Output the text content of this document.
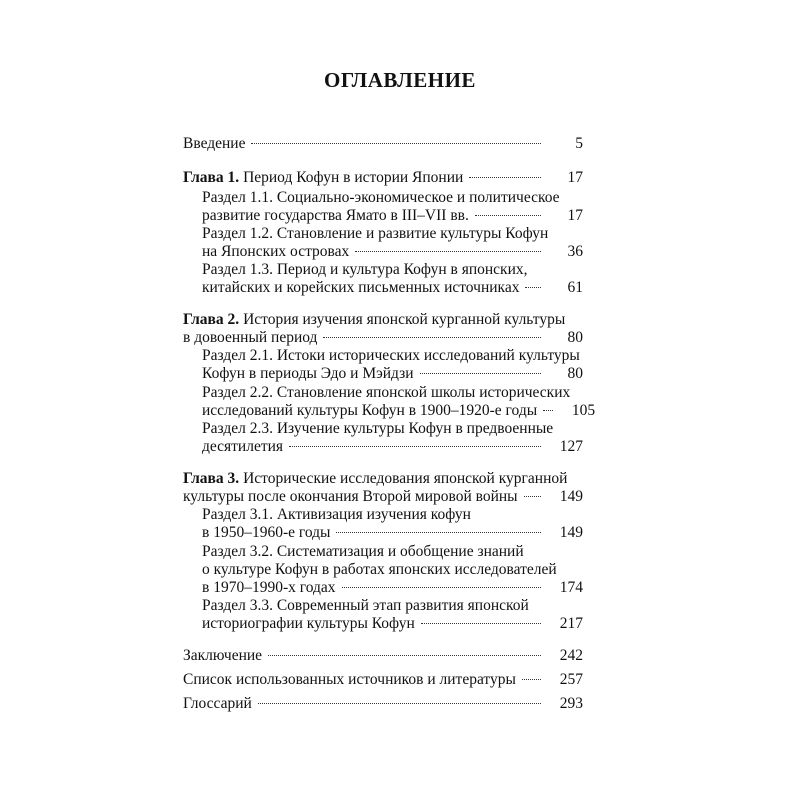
ОГЛАВЛЕНИЕ
Введение	5
Глава 1. Период Кофун в истории Японии	17
Раздел 1.1. Социально-экономическое и политическое
развитие государства Ямато в III–VII вв.	17
Раздел 1.2. Становление и развитие культуры Кофун
на Японских островах	36
Раздел 1.3. Период и культура Кофун в японских,
китайских и корейских письменных источниках	61
Глава 2. История изучения японской курганной культуры
в довоенный период	80
Раздел 2.1. Истоки исторических исследований культуры
Кофун в периоды Эдо и Мэйдзи	80
Раздел 2.2. Становление японской школы исторических
исследований культуры Кофун в 1900–1920-е годы	105
Раздел 2.3. Изучение культуры Кофун в предвоенные
десятилетия	127
Глава 3. Исторические исследования японской курганной
культуры после окончания Второй мировой войны	149
Раздел 3.1. Активизация изучения кофун
в 1950–1960-е годы	149
Раздел 3.2. Систематизация и обобщение знаний
о культуре Кофун в работах японских исследователей
в 1970–1990-х годах	174
Раздел 3.3. Современный этап развития японской
историографии культуры Кофун	217
Заключение	242
Список использованных источников и литературы	257
Глоссарий	293
